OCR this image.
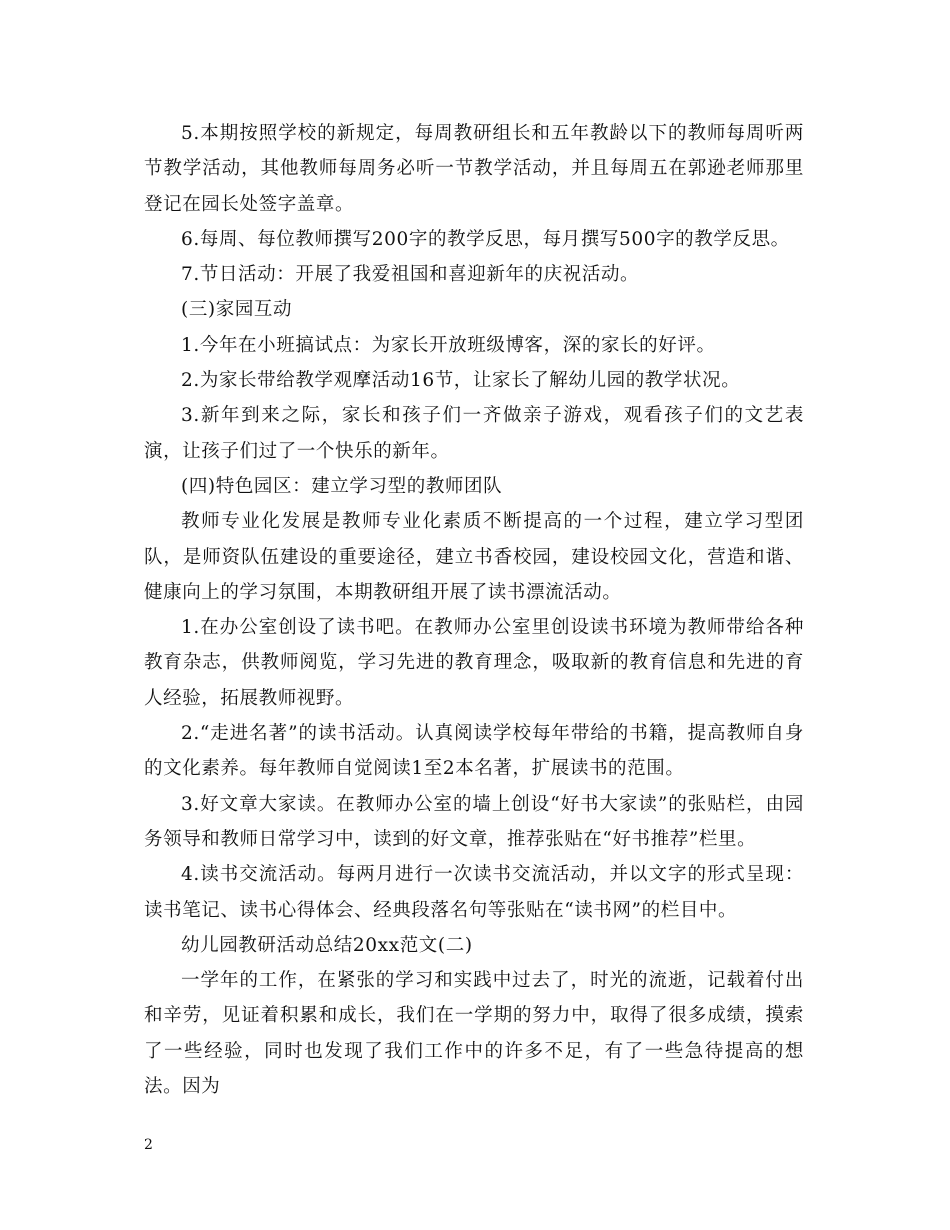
5.本期按照学校的新规定，每周教研组长和五年教龄以下的教师每周听两节教学活动，其他教师每周务必听一节教学活动，并且每周五在郭逊老师那里登记在园长处签字盖章。

6.每周、每位教师撰写200字的教学反思，每月撰写500字的教学反思。

7.节日活动：开展了我爱祖国和喜迎新年的庆祝活动。

(三)家园互动

1.今年在小班搞试点：为家长开放班级博客，深的家长的好评。

2.为家长带给教学观摩活动16节，让家长了解幼儿园的教学状况。

3.新年到来之际，家长和孩子们一齐做亲子游戏，观看孩子们的文艺表演，让孩子们过了一个快乐的新年。

(四)特色园区：建立学习型的教师团队

教师专业化发展是教师专业化素质不断提高的一个过程，建立学习型团队，是师资队伍建设的重要途径，建立书香校园，建设校园文化，营造和谐、健康向上的学习氛围，本期教研组开展了读书漂流活动。

1.在办公室创设了读书吧。在教师办公室里创设读书环境为教师带给各种教育杂志，供教师阅览，学习先进的教育理念，吸取新的教育信息和先进的育人经验，拓展教师视野。

2.“走进名著”的读书活动。认真阅读学校每年带给的书籍，提高教师自身的文化素养。每年教师自觉阅读1至2本名著，扩展读书的范围。

3.好文章大家读。在教师办公室的墙上创设“好书大家读”的张贴栏，由园务领导和教师日常学习中，读到的好文章，推荐张贴在“好书推荐”栏里。

4.读书交流活动。每两月进行一次读书交流活动，并以文字的形式呈现：读书笔记、读书心得体会、经典段落名句等张贴在“读书网”的栏目中。

幼儿园教研活动总结20xx范文(二)

一学年的工作，在紧张的学习和实践中过去了，时光的流逝，记载着付出和辛劳，见证着积累和成长，我们在一学期的努力中，取得了很多成绩，摸索了一些经验，同时也发现了我们工作中的许多不足，有了一些急待提高的想法。因为

2
